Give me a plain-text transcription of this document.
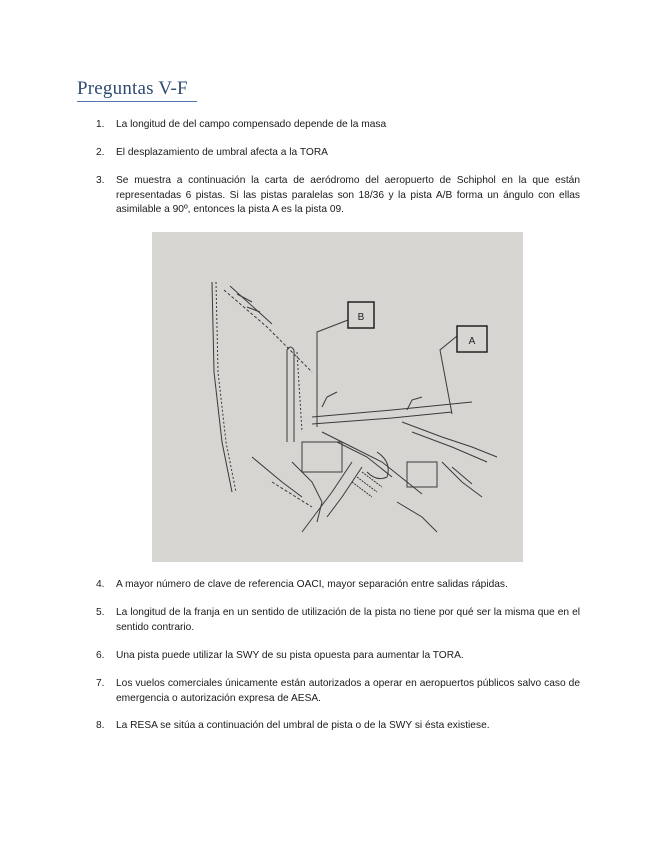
Preguntas V-F
1.	La longitud de del campo compensado depende de la masa
2.	El desplazamiento de umbral afecta a la TORA
3.	Se muestra a continuación la carta de aeródromo del aeropuerto de Schiphol en la que están representadas 6 pistas. Si las pistas paralelas son 18/36 y la pista A/B forma un ángulo con ellas asimilable a 90º, entonces la pista A es la pista 09.
B
A
4.	A mayor número de clave de referencia OACI, mayor separación entre salidas rápidas.
5.	La longitud de la franja en un sentido de utilización de la pista no tiene por qué ser la misma que en el sentido contrario.
6.	Una pista puede utilizar la SWY de su pista opuesta para aumentar la TORA.
7.	Los vuelos comerciales únicamente están autorizados a operar en aeropuertos públicos salvo caso de emergencia o autorización expresa de AESA.
8.	La RESA se sitúa a continuación del umbral de pista o de la SWY si ésta existiese.
